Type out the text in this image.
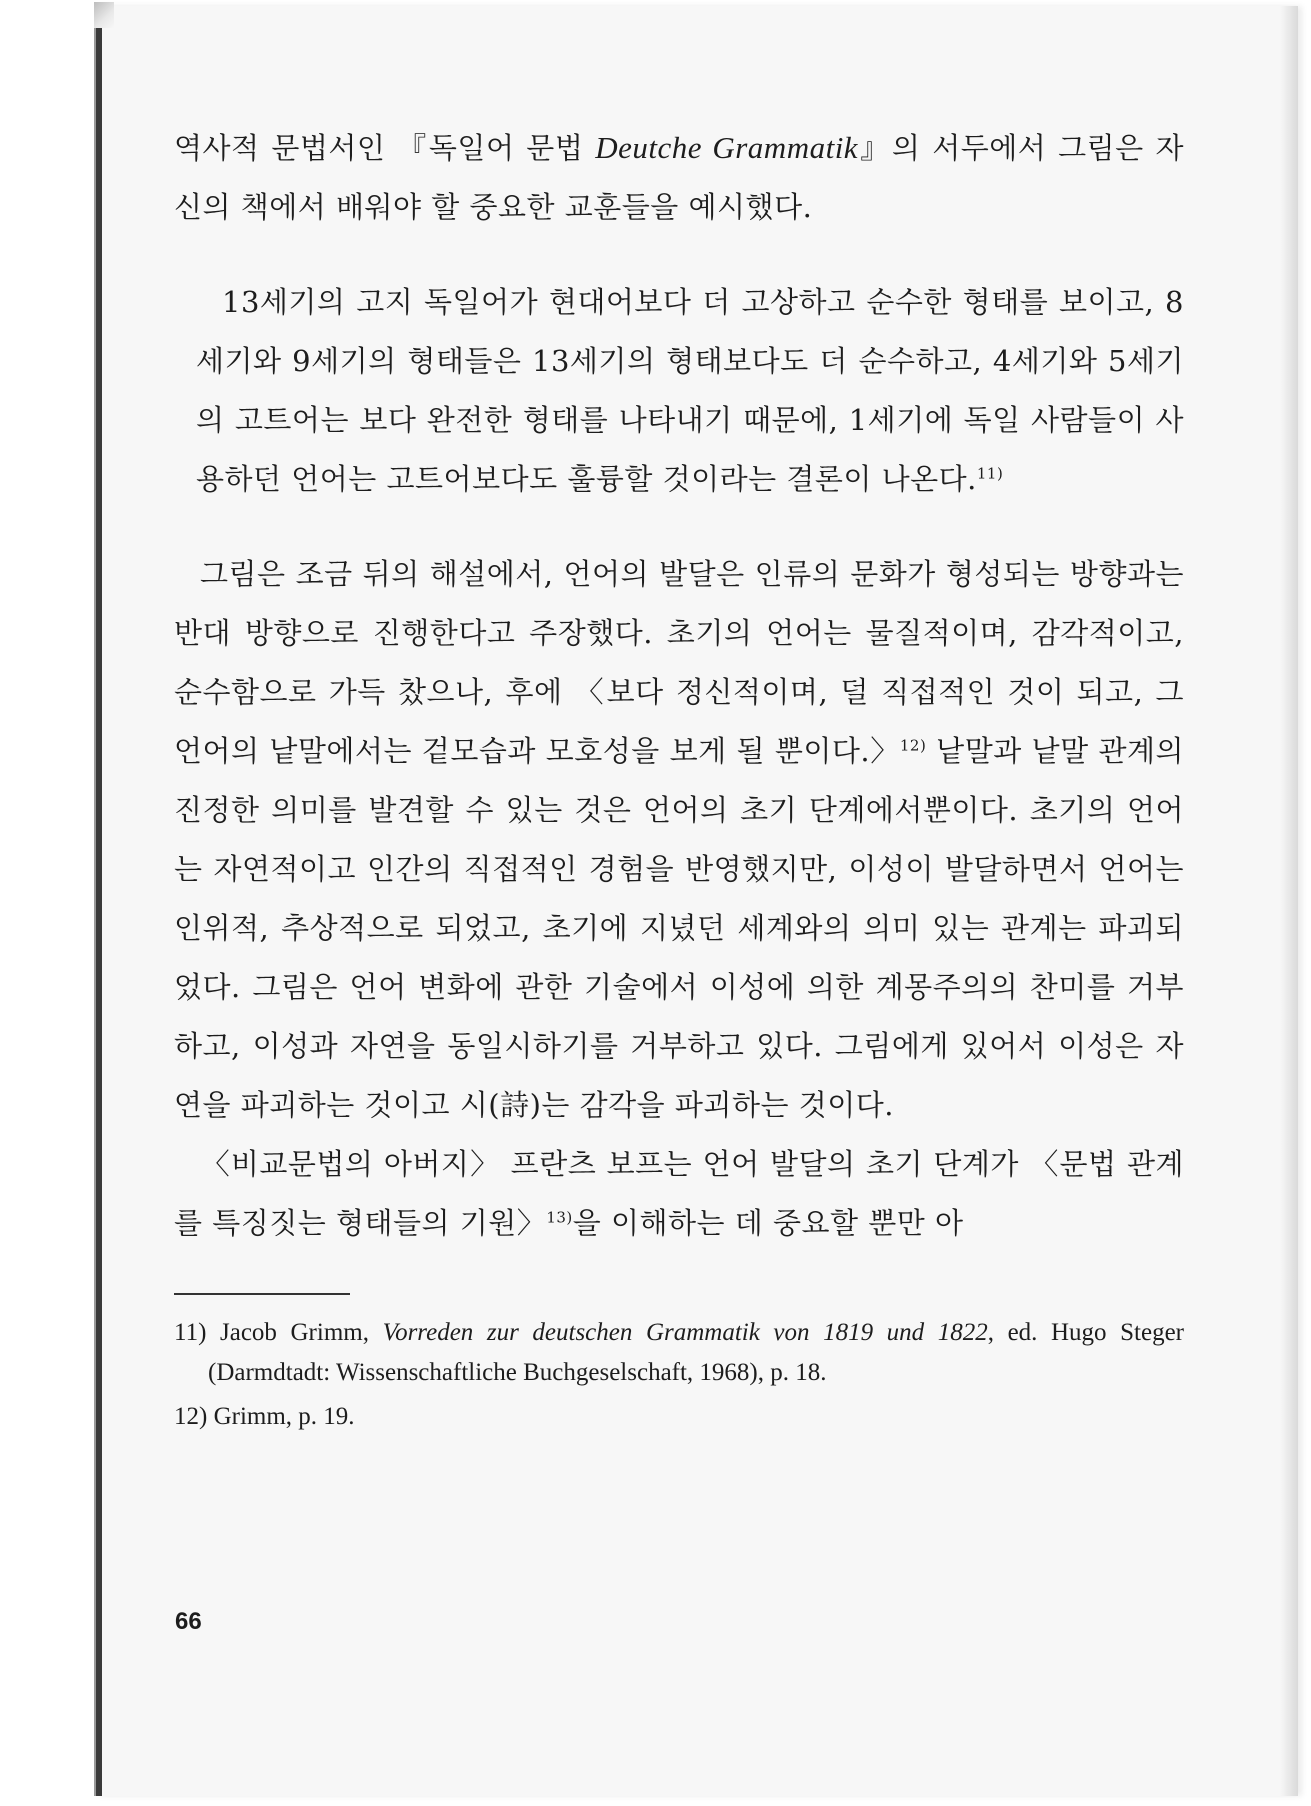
역사적 문법서인 『독일어 문법 Deutche Grammatik』의 서두에서 그림은 자신의 책에서 배워야 할 중요한 교훈들을 예시했다.

13세기의 고지 독일어가 현대어보다 더 고상하고 순수한 형태를 보이고, 8세기와 9세기의 형태들은 13세기의 형태보다도 더 순수하고, 4세기와 5세기의 고트어는 보다 완전한 형태를 나타내기 때문에, 1세기에 독일 사람들이 사용하던 언어는 고트어보다도 훌륭할 것이라는 결론이 나온다.$^{11)}$

그림은 조금 뒤의 해설에서, 언어의 발달은 인류의 문화가 형성되는 방향과는 반대 방향으로 진행한다고 주장했다. 초기의 언어는 물질적이며, 감각적이고, 순수함으로 가득 찼으나, 후에 〈보다 정신적이며, 덜 직접적인 것이 되고, 그 언어의 낱말에서는 겉모습과 모호성을 보게 될 뿐이다.〉$^{12)}$ 낱말과 낱말 관계의 진정한 의미를 발견할 수 있는 것은 언어의 초기 단계에서뿐이다. 초기의 언어는 자연적이고 인간의 직접적인 경험을 반영했지만, 이성이 발달하면서 언어는 인위적, 추상적으로 되었고, 초기에 지녔던 세계와의 의미 있는 관계는 파괴되었다. 그림은 언어 변화에 관한 기술에서 이성에 의한 계몽주의의 찬미를 거부하고, 이성과 자연을 동일시하기를 거부하고 있다. 그림에게 있어서 이성은 자연을 파괴하는 것이고 시(詩)는 감각을 파괴하는 것이다.

〈비교문법의 아버지〉 프란츠 보프는 언어 발달의 초기 단계가 〈문법 관계를 특징짓는 형태들의 기원〉$^{13)}$을 이해하는 데 중요할 뿐만 아

11) Jacob Grimm, Vorreden zur deutschen Grammatik von 1819 und 1822, ed. Hugo Steger (Darmdtadt: Wissenschaftliche Buchgeselschaft, 1968), p. 18.

12) Grimm, p. 19.

66
